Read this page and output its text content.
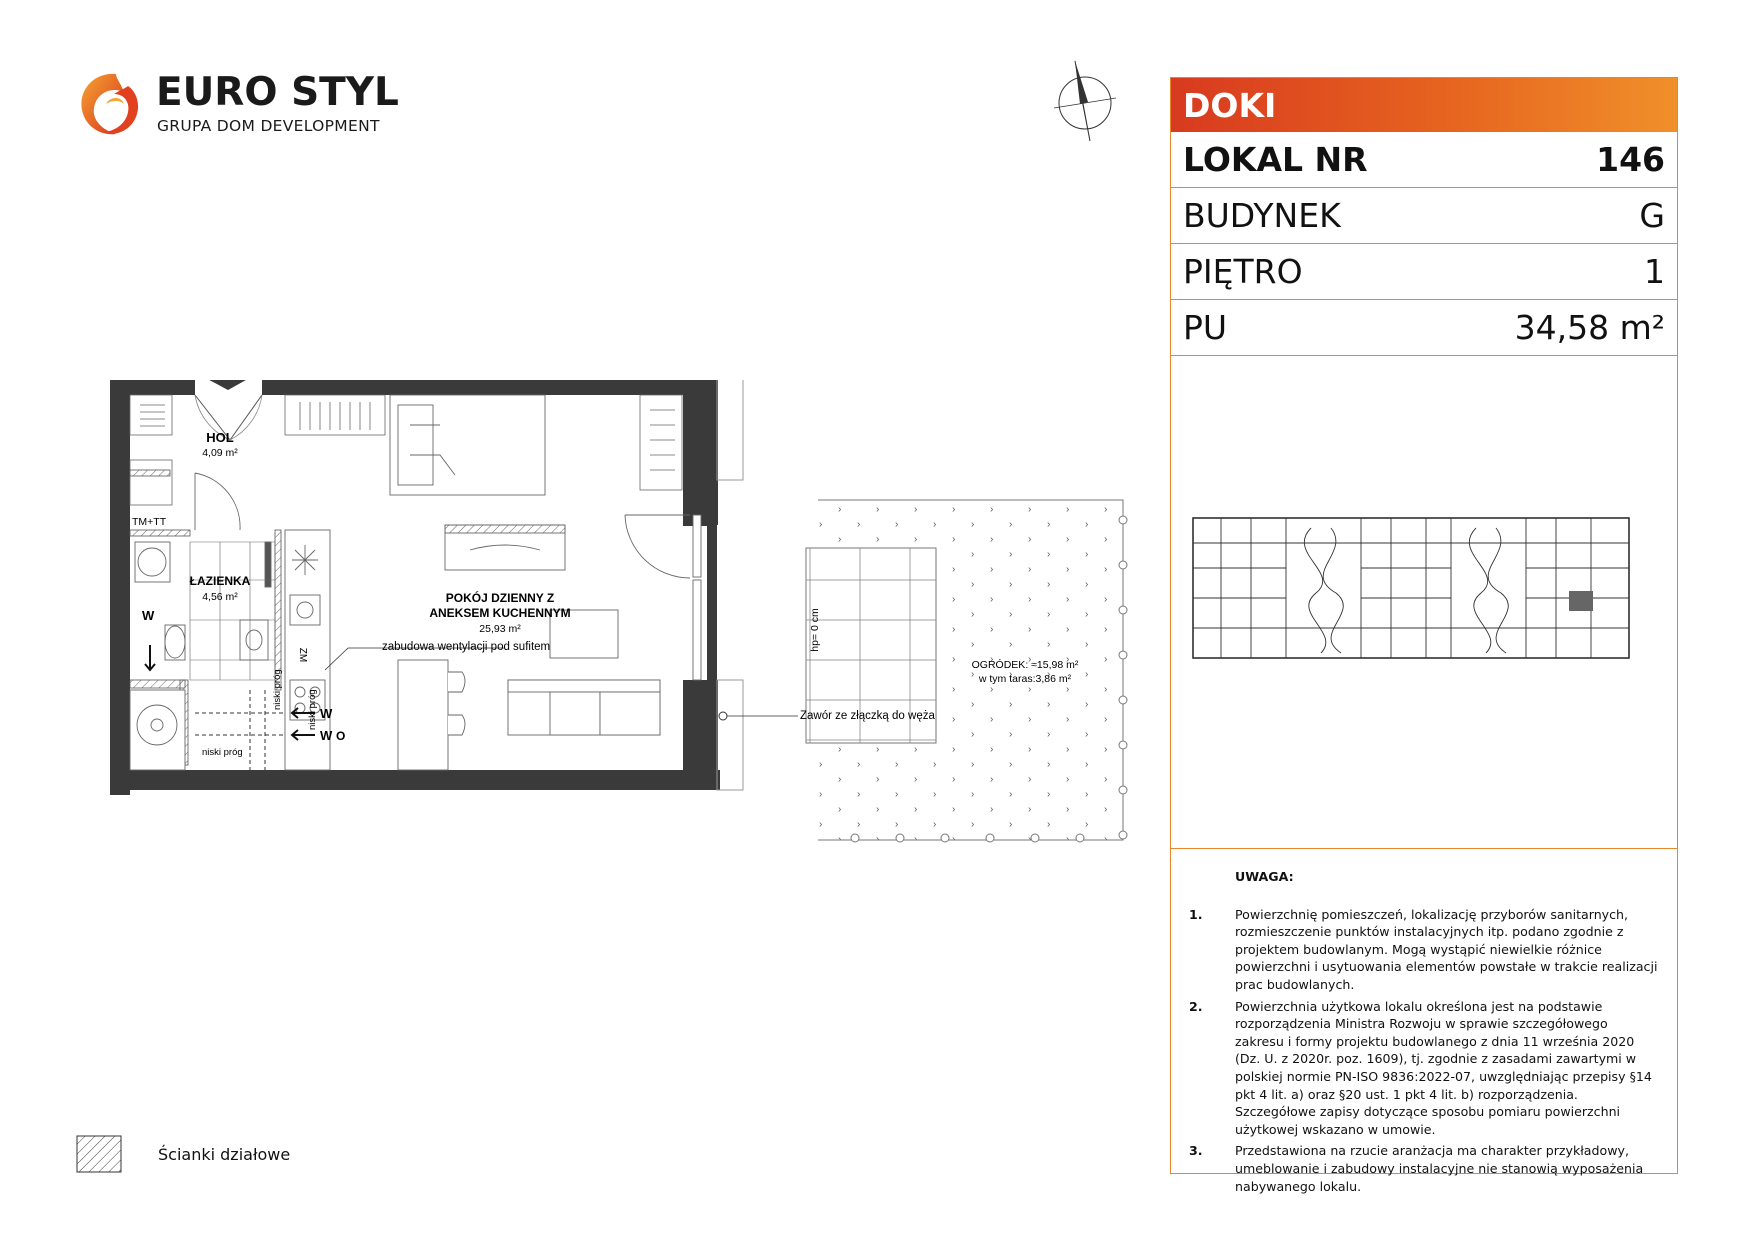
EURO STYL
GRUPA DOM DEVELOPMENT
HOL
4,09 m²
ŁAZIENKA
4,56 m²	POKÓJ DZIENNY Z
ANEKSEM KUCHENNYM
25,93 m²
OGRÓDEK: ≈15,98 m²
w tym taras:3,86 m²
TM+TT
ZM
zabudowa wentylacji pod sufitem
niski próg
niski próg
niski próg
hp= 0 cm
Zawór ze złączką do węża
W
W
W O
DOKI
LOKAL NR	146
BUDYNEK	G
PIĘTRO	1
PU	34,58 m²
UWAGA:
1.	Powierzchnię pomieszczeń, lokalizację przyborów sanitarnych, rozmieszczenie punktów instalacyjnych itp. podano zgodnie z projektem budowlanym. Mogą wystąpić niewielkie różnice powierzchni i usytuowania elementów powstałe w trakcie realizacji prac budowlanych.
2.	Powierzchnia użytkowa lokalu określona jest na podstawie rozporządzenia Ministra Rozwoju w sprawie szczegółowego zakresu i formy projektu budowlanego z dnia 11 września 2020 (Dz. U. z 2020r. poz. 1609), tj. zgodnie z zasadami zawartymi w polskiej normie PN-ISO 9836:2022-07, uwzględniając przepisy §14 pkt 4 lit. a) oraz §20 ust. 1 pkt 4 lit. b) rozporządzenia. Szczegółowe zapisy dotyczące sposobu pomiaru powierzchni użytkowej wskazano w umowie.
3.	Przedstawiona na rzucie aranżacja ma charakter przykładowy, umeblowanie i zabudowy instalacyjne nie stanowią wyposażenia nabywanego lokalu.
Ścianki działowe
